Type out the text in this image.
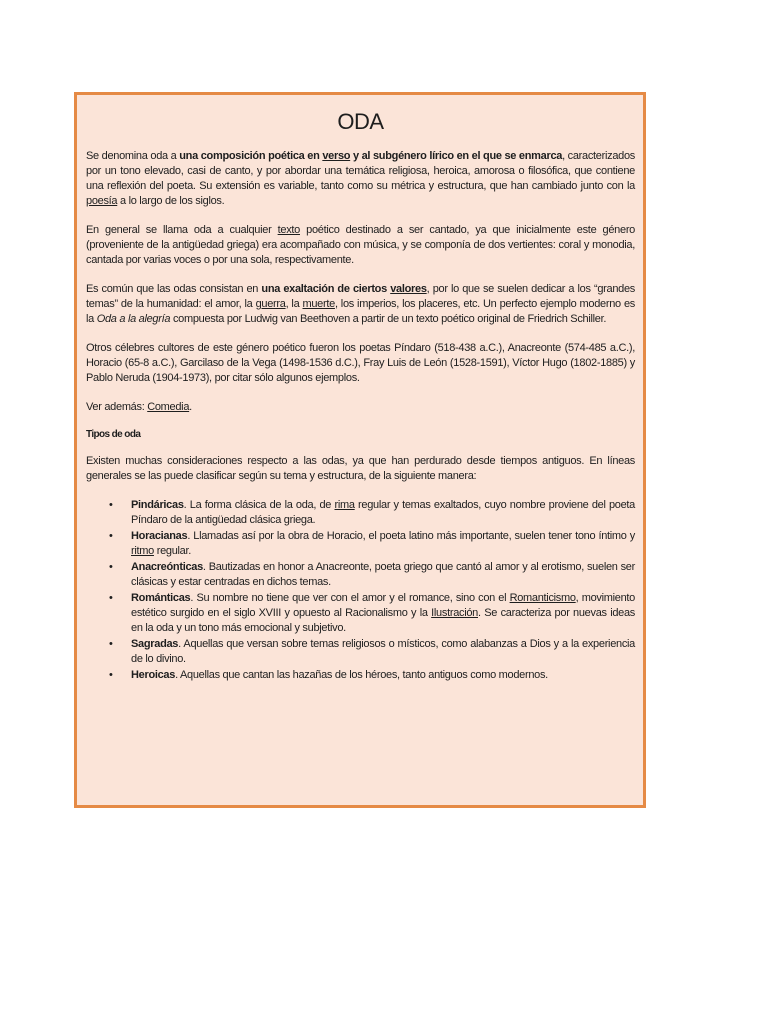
ODA

Se denomina oda a una composición poética en verso y al subgénero lírico en el que se enmarca, caracterizados por un tono elevado, casi de canto, y por abordar una temática religiosa, heroica, amorosa o filosófica, que contiene una reflexión del poeta. Su extensión es variable, tanto como su métrica y estructura, que han cambiado junto con la poesía a lo largo de los siglos.

En general se llama oda a cualquier texto poético destinado a ser cantado, ya que inicialmente este género (proveniente de la antigüedad griega) era acompañado con música, y se componía de dos vertientes: coral y monodia, cantada por varias voces o por una sola, respectivamente.

Es común que las odas consistan en una exaltación de ciertos valores, por lo que se suelen dedicar a los “grandes temas” de la humanidad: el amor, la guerra, la muerte, los imperios, los placeres, etc. Un perfecto ejemplo moderno es la Oda a la alegría compuesta por Ludwig van Beethoven a partir de un texto poético original de Friedrich Schiller.

Otros célebres cultores de este género poético fueron los poetas Píndaro (518-438 a.C.), Anacreonte (574-485 a.C.), Horacio (65-8 a.C.), Garcilaso de la Vega (1498-1536 d.C.), Fray Luis de León (1528-1591), Víctor Hugo (1802-1885) y Pablo Neruda (1904-1973), por citar sólo algunos ejemplos.

Ver además: Comedia.

Tipos de oda

Existen muchas consideraciones respecto a las odas, ya que han perdurado desde tiempos antiguos. En líneas generales se las puede clasificar según su tema y estructura, de la siguiente manera:

• Pindáricas. La forma clásica de la oda, de rima regular y temas exaltados, cuyo nombre proviene del poeta Píndaro de la antigüedad clásica griega.
• Horacianas. Llamadas así por la obra de Horacio, el poeta latino más importante, suelen tener tono íntimo y ritmo regular.
• Anacreónticas. Bautizadas en honor a Anacreonte, poeta griego que cantó al amor y al erotismo, suelen ser clásicas y estar centradas en dichos temas.
• Románticas. Su nombre no tiene que ver con el amor y el romance, sino con el Romanticismo, movimiento estético surgido en el siglo XVIII y opuesto al Racionalismo y la Ilustración. Se caracteriza por nuevas ideas en la oda y un tono más emocional y subjetivo.
• Sagradas. Aquellas que versan sobre temas religiosos o místicos, como alabanzas a Dios y a la experiencia de lo divino.
• Heroicas. Aquellas que cantan las hazañas de los héroes, tanto antiguos como modernos.
